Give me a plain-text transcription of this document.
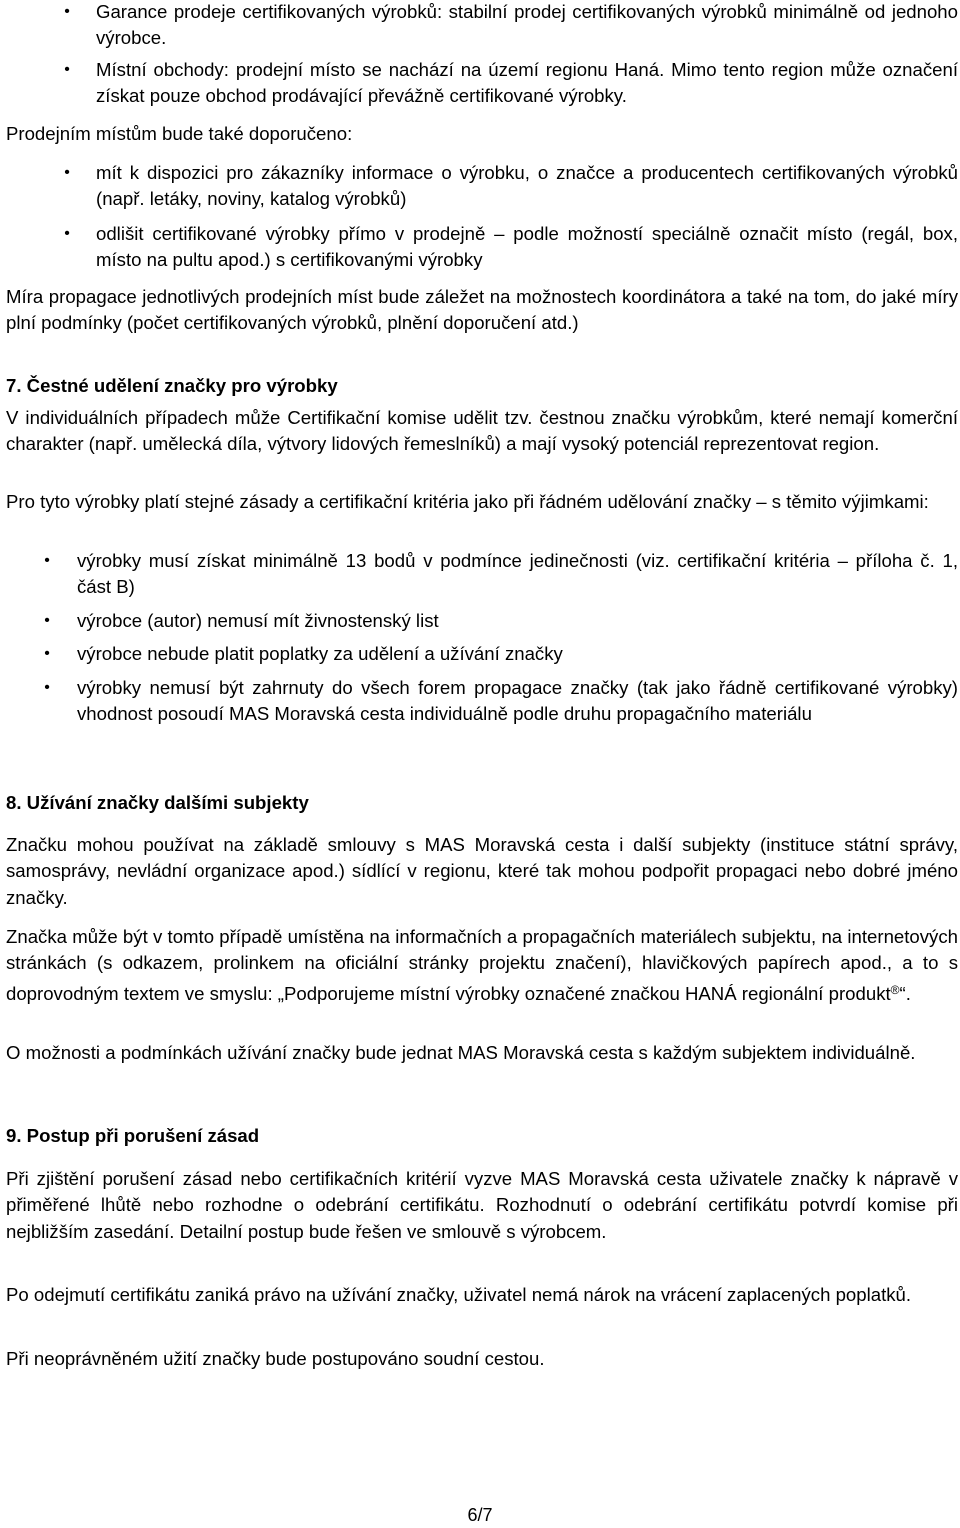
• Garance prodeje certifikovaných výrobků: stabilní prodej certifikovaných výrobků minimálně od jednoho výrobce.
• Místní obchody: prodejní místo se nachází na území regionu Haná. Mimo tento region může označení získat pouze obchod prodávající převážně certifikované výrobky.

Prodejním místům bude také doporučeno:

• mít k dispozici pro zákazníky informace o výrobku, o značce a producentech certifikovaných výrobků (např. letáky, noviny, katalog výrobků)
• odlišit certifikované výrobky přímo v prodejně – podle možností speciálně označit místo (regál, box, místo na pultu apod.) s certifikovanými výrobky

Míra propagace jednotlivých prodejních míst bude záležet na možnostech koordinátora a také na tom, do jaké míry plní podmínky (počet certifikovaných výrobků, plnění doporučení atd.)

7. Čestné udělení značky pro výrobky

V individuálních případech může Certifikační komise udělit tzv. čestnou značku výrobkům, které nemají komerční charakter (např. umělecká díla, výtvory lidových řemeslníků) a mají vysoký potenciál reprezentovat region.

Pro tyto výrobky platí stejné zásady a certifikační kritéria jako při řádném udělování značky – s těmito výjimkami:

• výrobky musí získat minimálně 13 bodů v podmínce jedinečnosti (viz. certifikační kritéria – příloha č. 1, část B)
• výrobce (autor) nemusí mít živnostenský list
• výrobce nebude platit poplatky za udělení a užívání značky
• výrobky nemusí být zahrnuty do všech forem propagace značky (tak jako řádně certifikované výrobky) vhodnost posoudí MAS Moravská cesta individuálně podle druhu propagačního materiálu
8. Užívání značky dalšími subjekty

Značku mohou používat na základě smlouvy s MAS Moravská cesta i další subjekty (instituce státní správy, samosprávy, nevládní organizace apod.) sídlící v regionu, které tak mohou podpořit propagaci nebo dobré jméno značky.

Značka může být v tomto případě umístěna na informačních a propagačních materiálech subjektu, na internetových stránkách (s odkazem, prolinkem na oficiální stránky projektu značení), hlavičkových papírech apod., a to s doprovodným textem ve smyslu: „Podporujeme místní výrobky označené značkou HANÁ regionální produkt®“.

O možnosti a podmínkách užívání značky bude jednat MAS Moravská cesta s každým subjektem individuálně.

9. Postup při porušení zásad

Při zjištění porušení zásad nebo certifikačních kritérií vyzve MAS Moravská cesta uživatele značky k nápravě v přiměřené lhůtě nebo rozhodne o odebrání certifikátu. Rozhodnutí o odebrání certifikátu potvrdí komise při nejbližším zasedání. Detailní postup bude řešen ve smlouvě s výrobcem.

Po odejmutí certifikátu zaniká právo na užívání značky, uživatel nemá nárok na vrácení zaplacených poplatků.

Při neoprávněném užití značky bude postupováno soudní cestou.

6/7
